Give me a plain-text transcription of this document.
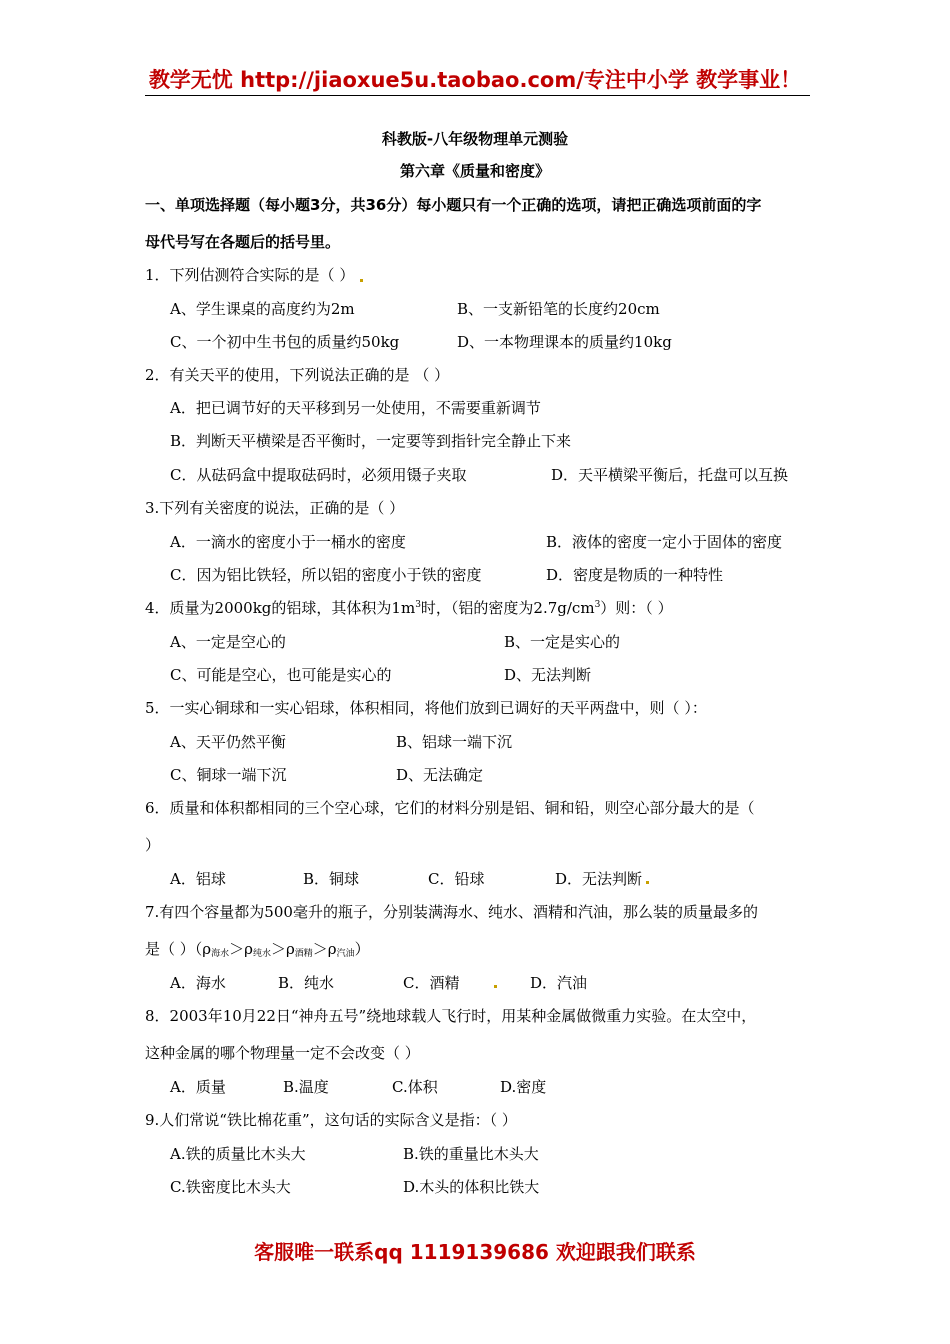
教学无忧 http://jiaoxue5u.taobao.com/专注中小学 教学事业！
科教版-八年级物理单元测验
第六章《质量和密度》
一、单项选择题（每小题3分，共36分）每小题只有一个正确的选项，请把正确选项前面的字
母代号写在各题后的括号里。
1．下列估测符合实际的是（ ）
A、学生课桌的高度约为2m	B、一支新铅笔的长度约20cm
C、一个初中生书包的质量约50kg	D、一本物理课本的质量约10kg
2．有关天平的使用，下列说法正确的是 （ ）
A．把已调节好的天平移到另一处使用，不需要重新调节
B．判断天平横梁是否平衡时，一定要等到指针完全静止下来
C．从砝码盒中提取砝码时，必须用镊子夹取	D．天平横梁平衡后，托盘可以互换
3.下列有关密度的说法，正确的是（ ）
A．一滴水的密度小于一桶水的密度	B．液体的密度一定小于固体的密度
C．因为铝比铁轻，所以铝的密度小于铁的密度	D．密度是物质的一种特性
4．质量为2000kg的铝球，其体积为$1m^3$时，（铝的密度为$2.7g/cm^3$）则：（ ）
A、一定是空心的	B、一定是实心的
C、可能是空心，也可能是实心的	D、无法判断
5．一实心铜球和一实心铝球，体积相同，将他们放到已调好的天平两盘中，则（ ）：
A、天平仍然平衡	B、铝球一端下沉
C、铜球一端下沉	D、无法确定
6．质量和体积都相同的三个空心球，它们的材料分别是铝、铜和铅，则空心部分最大的是（
）
A．铝球	B．铜球	C．铅球	D．无法判断
7.有四个容量都为500毫升的瓶子，分别装满海水、纯水、酒精和汽油，那么装的质量最多的
是（ ）$(\rho_{海水}>\rho_{纯水}>\rho_{酒精}>\rho_{汽油})$
A．海水	B．纯水	C．酒精	D．汽油
8．2003年10月22日“神舟五号”绕地球载人飞行时，用某种金属做微重力实验。在太空中，
这种金属的哪个物理量一定不会改变（ ）
A．质量	B.温度	C.体积	D.密度
9.人们常说“铁比棉花重”，这句话的实际含义是指：（ ）
A.铁的质量比木头大	B.铁的重量比木头大
C.铁密度比木头大	D.木头的体积比铁大
客服唯一联系qq 1119139686 欢迎跟我们联系
